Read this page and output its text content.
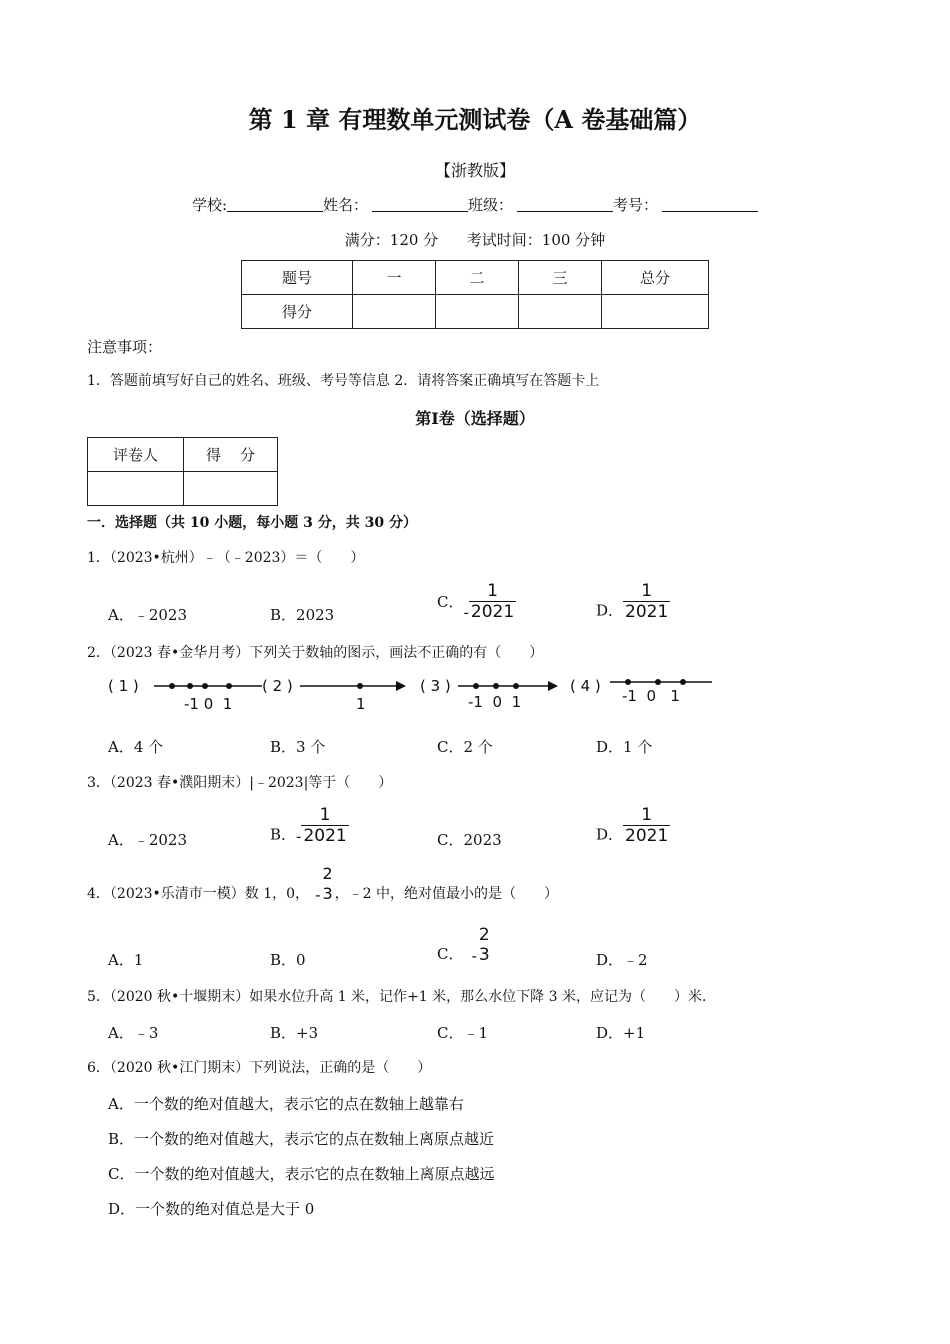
第 1 章 有理数单元测试卷（A 卷基础篇）
【浙教版】
学校:	姓名：	班级：	考号：
满分：120 分      考试时间：100 分钟
题号	一	二	三	总分
得分				
注意事项：
1．答题前填写好自己的姓名、班级、考号等信息 2．请将答案正确填写在答题卡上
第Ⅰ卷（选择题）
评卷人	得    分

一．选择题（共 10 小题，每小题 3 分，共 30 分）
1．（2023•杭州）﹣（﹣2023）＝（　　）
A．﹣2023	B．2023
C．- $\frac{1}{2021}$	D． $\frac{1}{2021}$
2．（2023 春•金华月考）下列关于数轴的图示，画法不正确的有（　　）
( 1 )
-1 0  1
( 2 )
1
( 3 )
-1  0  1
( 4 )
-1  0   1
A．4 个	B．3 个	C．2 个	D．1 个
3．（2023 春•濮阳期末）|﹣2023|等于（　　）
A．﹣2023	B．- $\frac{1}{2021}$	C．2023	D． $\frac{1}{2021}$
4．（2023•乐清市一模）数 1，0， -
2
3 ，﹣2 中，绝对值最小的是（　　）
A．1	B．0	C． -
2
3	D．﹣2
5．（2020 秋•十堰期末）如果水位升高 1 米，记作+1 米，那么水位下降 3 米，应记为（　　）米．
A．﹣3	B．+3	C．﹣1	D．+1
6．（2020 秋•江门期末）下列说法，正确的是（　　）
A．一个数的绝对值越大，表示它的点在数轴上越靠右
B．一个数的绝对值越大，表示它的点在数轴上离原点越近
C．一个数的绝对值越大，表示它的点在数轴上离原点越远
D．一个数的绝对值总是大于 0
